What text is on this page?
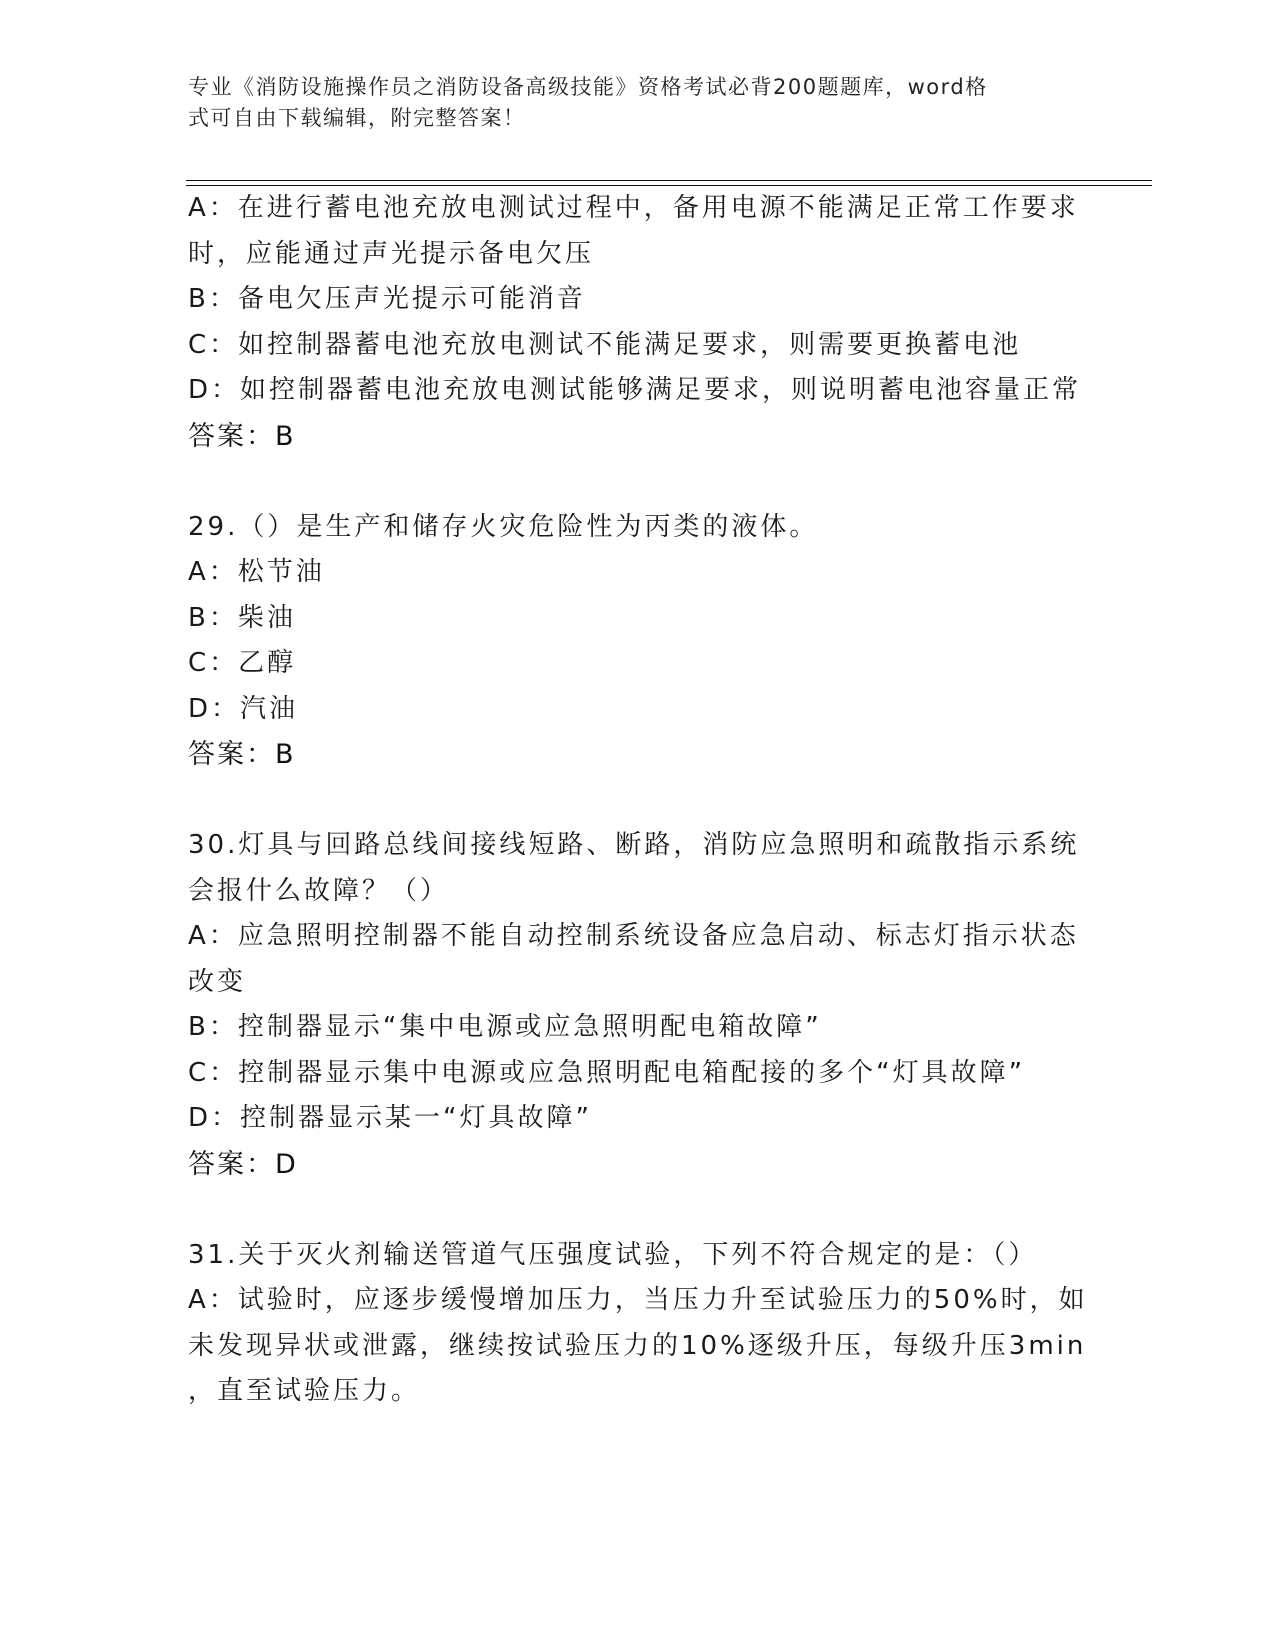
专业《消防设施操作员之消防设备高级技能》资格考试必背200题题库，word格
式可自由下载编辑，附完整答案！
A：在进行蓄电池充放电测试过程中，备用电源不能满足正常工作要求
时，应能通过声光提示备电欠压
B：备电欠压声光提示可能消音
C：如控制器蓄电池充放电测试不能满足要求，则需要更换蓄电池
D：如控制器蓄电池充放电测试能够满足要求，则说明蓄电池容量正常
答案：B
29.（）是生产和储存火灾危险性为丙类的液体。
A：松节油
B：柴油
C：乙醇
D：汽油
答案：B
30.灯具与回路总线间接线短路、断路，消防应急照明和疏散指示系统
会报什么故障？（）
A：应急照明控制器不能自动控制系统设备应急启动、标志灯指示状态
改变
B：控制器显示“集中电源或应急照明配电箱故障”
C：控制器显示集中电源或应急照明配电箱配接的多个“灯具故障”
D：控制器显示某一“灯具故障”
答案：D
31.关于灭火剂输送管道气压强度试验，下列不符合规定的是：（）
A：试验时，应逐步缓慢增加压力，当压力升至试验压力的50%时，如
未发现异状或泄露，继续按试验压力的10%逐级升压，每级升压3min
，直至试验压力。
